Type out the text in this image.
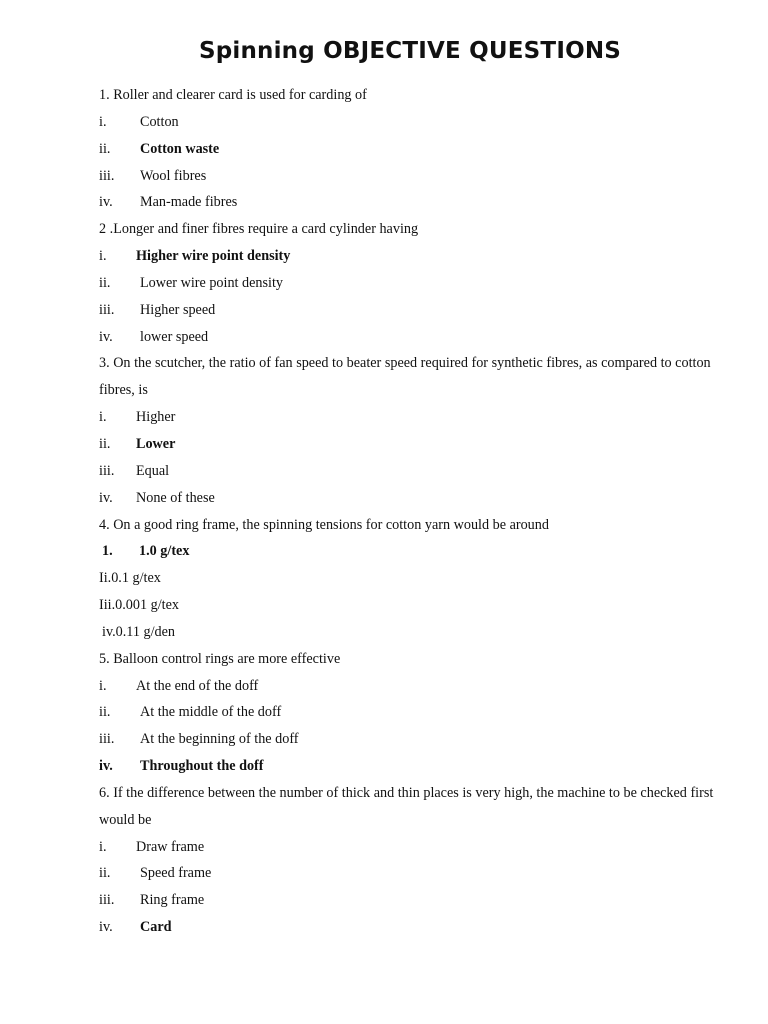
Spinning OBJECTIVE QUESTIONS
1. Roller and clearer card is used for carding of
i. Cotton
ii. Cotton waste
iii. Wool fibres
iv. Man-made fibres
2 .Longer and finer fibres require a card cylinder having
i. Higher wire point density
ii. Lower wire point density
iii. Higher speed
iv. lower speed
3. On the scutcher, the ratio of fan speed to beater speed required for synthetic fibres, as compared to cotton fibres, is
i. Higher
ii. Lower
iii. Equal
iv. None of these
4. On a good ring frame, the spinning tensions for cotton yarn would be around
1. 1.0 g/tex
Ii.0.1 g/tex
Iii.0.001 g/tex
iv.0.11 g/den
5. Balloon control rings are more effective
i. At the end of the doff
ii. At the middle of the doff
iii. At the beginning of the doff
iv. Throughout the doff
6. If the difference between the number of thick and thin places is very high, the machine to be checked first would be
i. Draw frame
ii. Speed frame
iii. Ring frame
iv. Card
